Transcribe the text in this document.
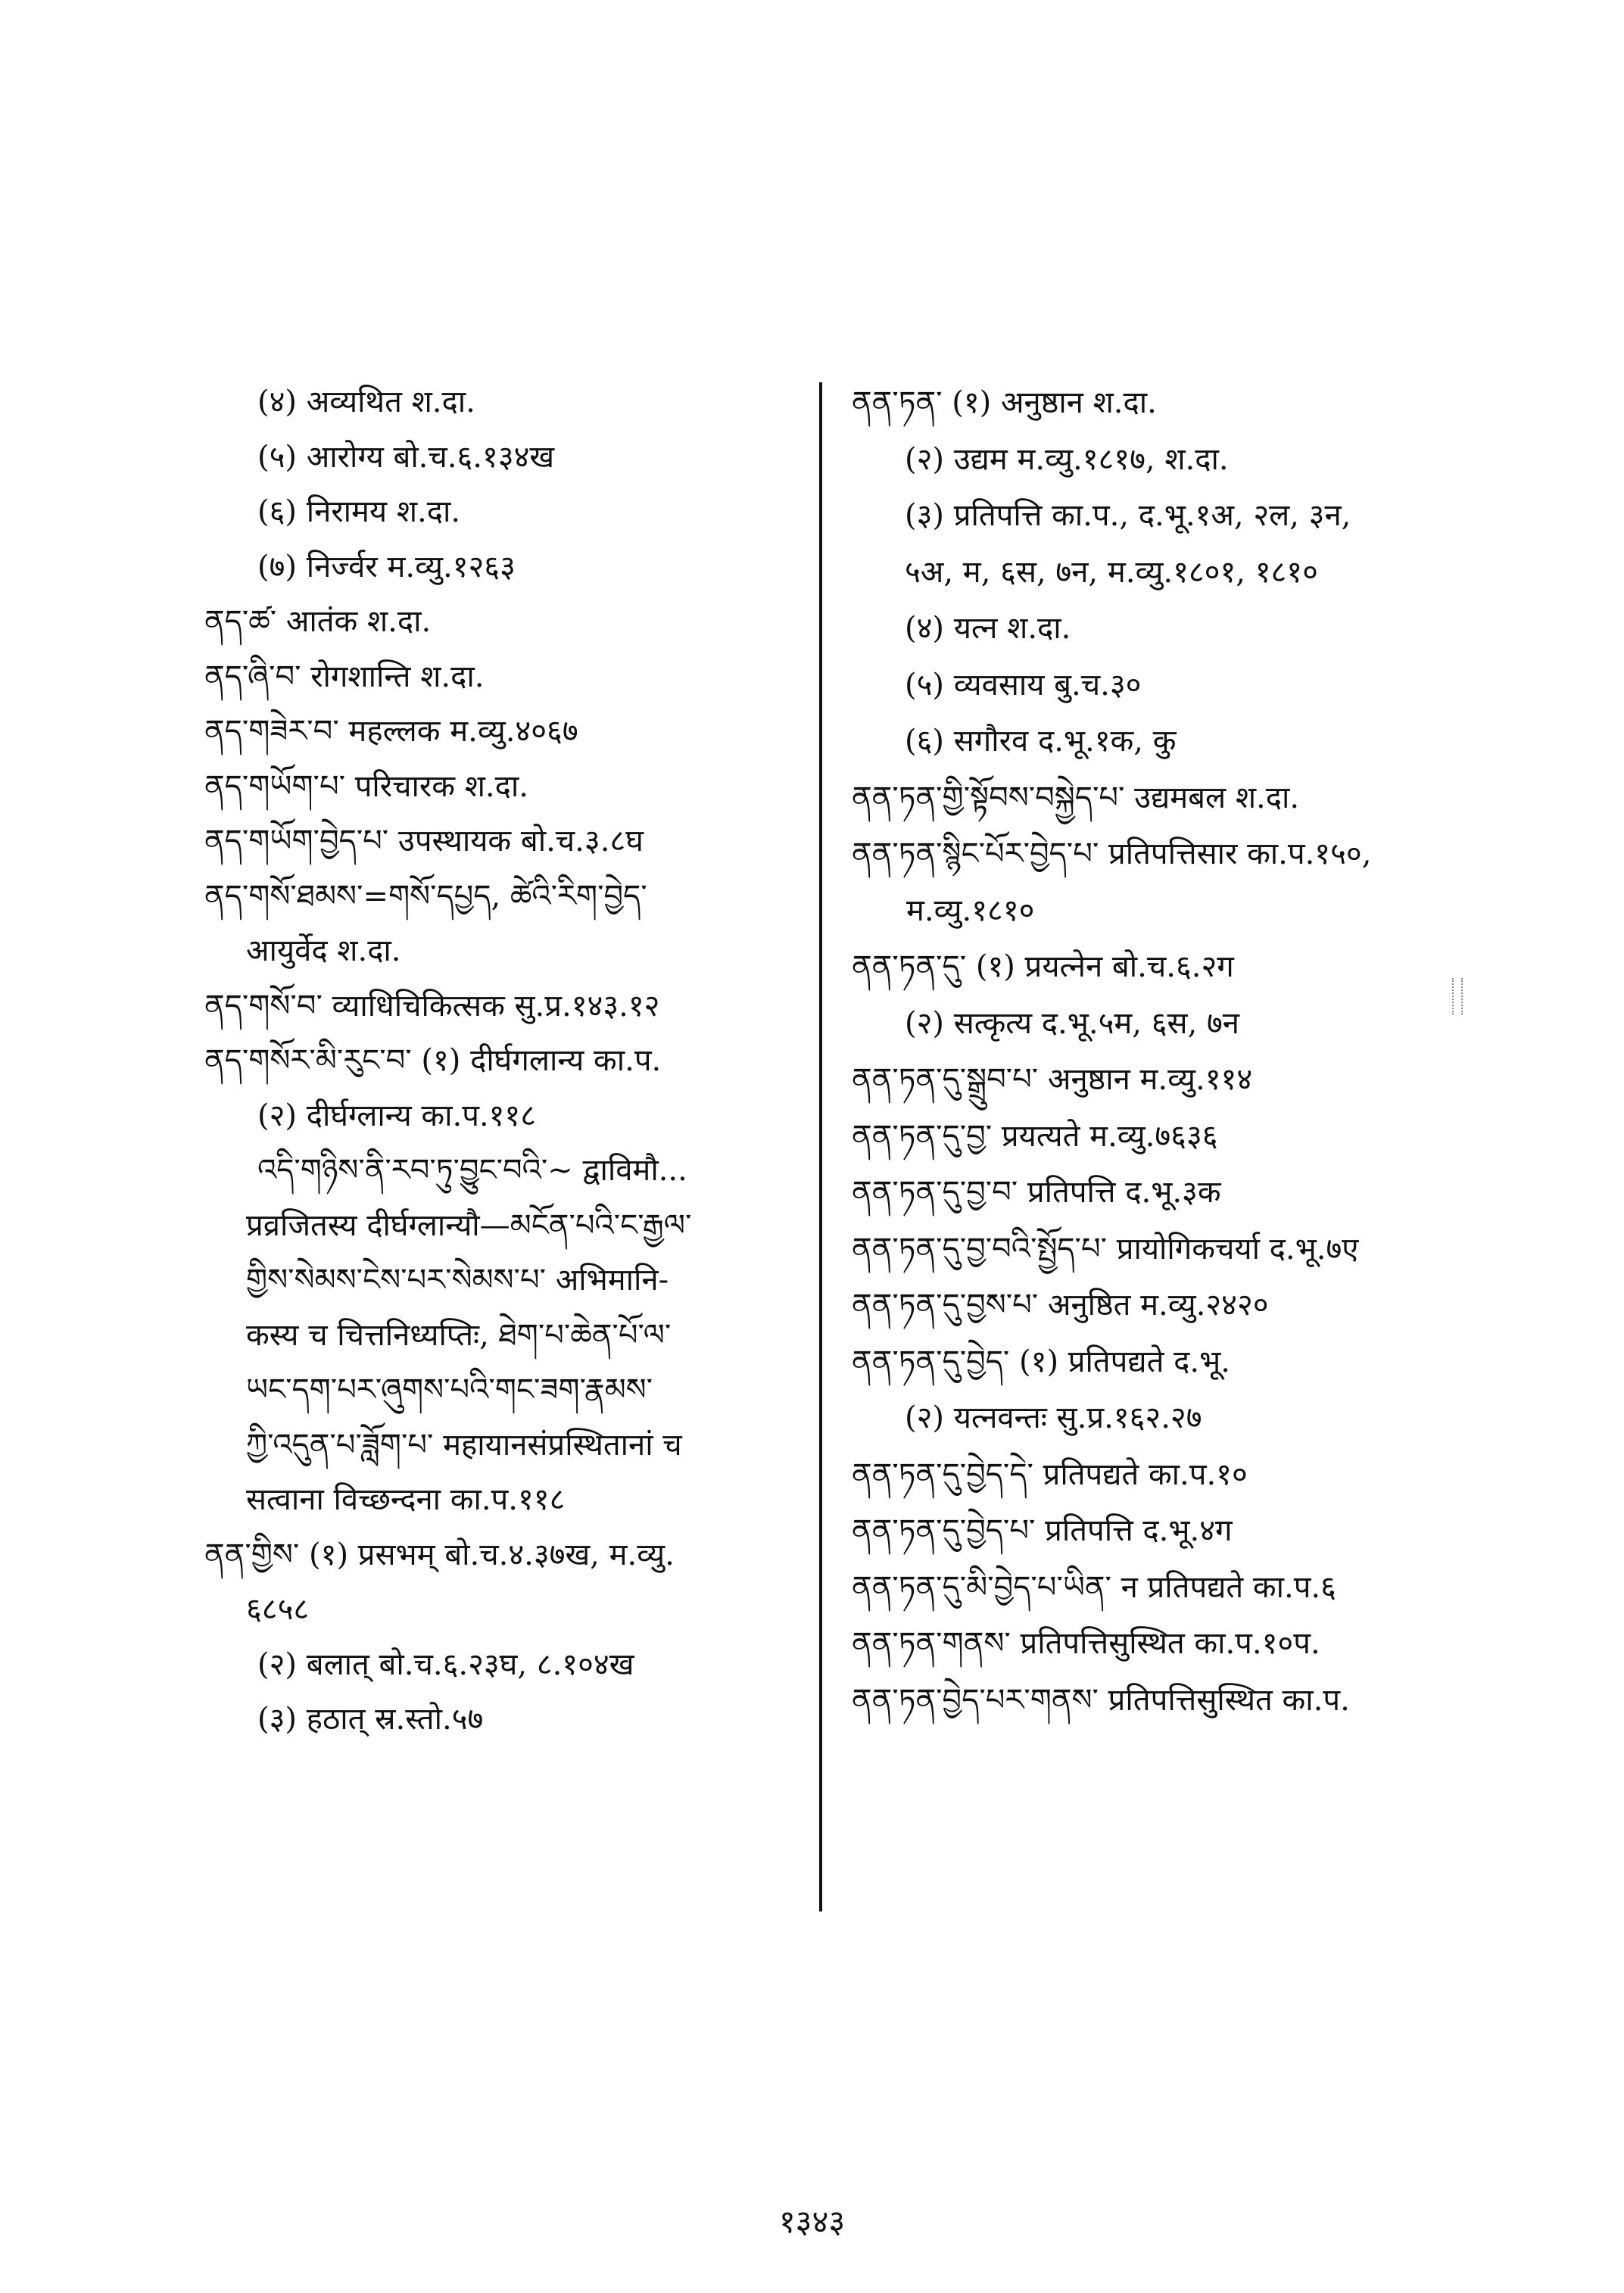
(४) अव्यथित श.दा.
(५) आरोग्य बो.च.६.१३४ख
(६) निरामय श.दा.
(७) निर्ज्वर म.व्यु.१२६३
ནད་ཚ་ आतंक श.दा.
ནད་ཞི་བ་ रोगशान्ति श.दा.
ནད་གཟེར་བ་ महल्लक म.व्यु.४०६७
ནད་གཡོག་པ་ परिचारक श.दा.
ནད་གཡོག་བྱེད་པ་ उपस्थायक बो.च.३.८घ
ནད་གསོ་ཐམས་=གསོ་དཔྱད, ཚེའི་རིག་བྱེད་
आयुर्वेद श.दा.
ནད་གསོ་བ་ व्याधिचिकित्सक सु.प्र.१४३.१२
ནད་གསོར་མི་རུང་བ་ (१) दीर्घगलान्य का.प.
(२) दीर्घग्लान्य का.प.११८
འདི་གཉིས་ནི་རབ་ཏུ་བྱུང་བའི་~ द्वाविमौ...
प्रव्रजितस्य दीर्घग्लान्यौ—མངོན་པའི་ང་རྒྱལ་
གྱིས་སེམས་ངེས་པར་སེམས་པ་ अभिमानि-
कस्य च चित्तनिध्यप्तिः, ཐེག་པ་ཆེན་པོ་ལ་
ཡང་དག་པར་ཞུགས་པའི་གང་ཟག་རྣམས་
ཀྱི་འདུན་པ་ཟློག་པ་ महायानसंप्रस्थितानां च
सत्वाना विच्छन्दना का.प.११८
ནན་གྱིས་ (१) प्रसभम् बो.च.४.३७ख, म.व्यु.
६८५८
(२) बलात् बो.च.६.२३घ, ८.१०४ख
(३) हठात् स्र.स्तो.५७
ནན་ཏན་ (१) अनुष्ठान श.दा.
(२) उद्यम म.व्यु.१८१७, श.दा.
(३) प्रतिपत्ति का.प., द.भू.१अ, २ल, ३न,
५अ, म, ६स, ७न, म.व्यु.१८०१, १८१०
(४) यत्न श.दा.
(५) व्यवसाय बु.च.३०
(६) सगौरव द.भू.१क, कु
ནན་ཏན་གྱི་སྟོབས་བསྐྱེད་པ་ उद्यमबल श.दा.
ནན་ཏན་སྙིང་པོར་བྱེད་པ་ प्रतिपत्तिसार का.प.१५०,
म.व्यु.१८१०
ནན་ཏན་དུ་ (१) प्रयत्नेन बो.च.६.२ग
(२) सत्कृत्य द.भू.५म, ६स, ७न
ནན་ཏན་དུ་སྒྲུབ་པ་ अनुष्ठान म.व्यु.११४
ནན་ཏན་དུ་བྱ་ प्रयत्यते म.व्यु.७६३६
ནན་ཏན་དུ་བྱ་བ་ प्रतिपत्ति द.भू.३क
ནན་ཏན་དུ་བྱ་བའི་སྤྱོད་པ་ प्रायोगिकचर्या द.भू.७ए
ནན་ཏན་དུ་བྱས་པ་ अनुष्ठित म.व्यु.२४२०
ནན་ཏན་དུ་བྱེད་ (१) प्रतिपद्यते द.भू.
(२) यत्नवन्तः सु.प्र.१६२.२७
ནན་ཏན་དུ་བྱེད་དེ་ प्रतिपद्यते का.प.१०
ནན་ཏན་དུ་བྱེད་པ་ प्रतिपत्ति द.भू.४ग
ནན་ཏན་དུ་མི་བྱེད་པ་ཡིན་ न प्रतिपद्यते का.प.६
ནན་ཏན་གནས་ प्रतिपत्तिसुस्थित का.प.१०प.
ནན་ཏན་བྱེད་པར་གནས་ प्रतिपत्तिसुस्थित का.प.
१३४३
